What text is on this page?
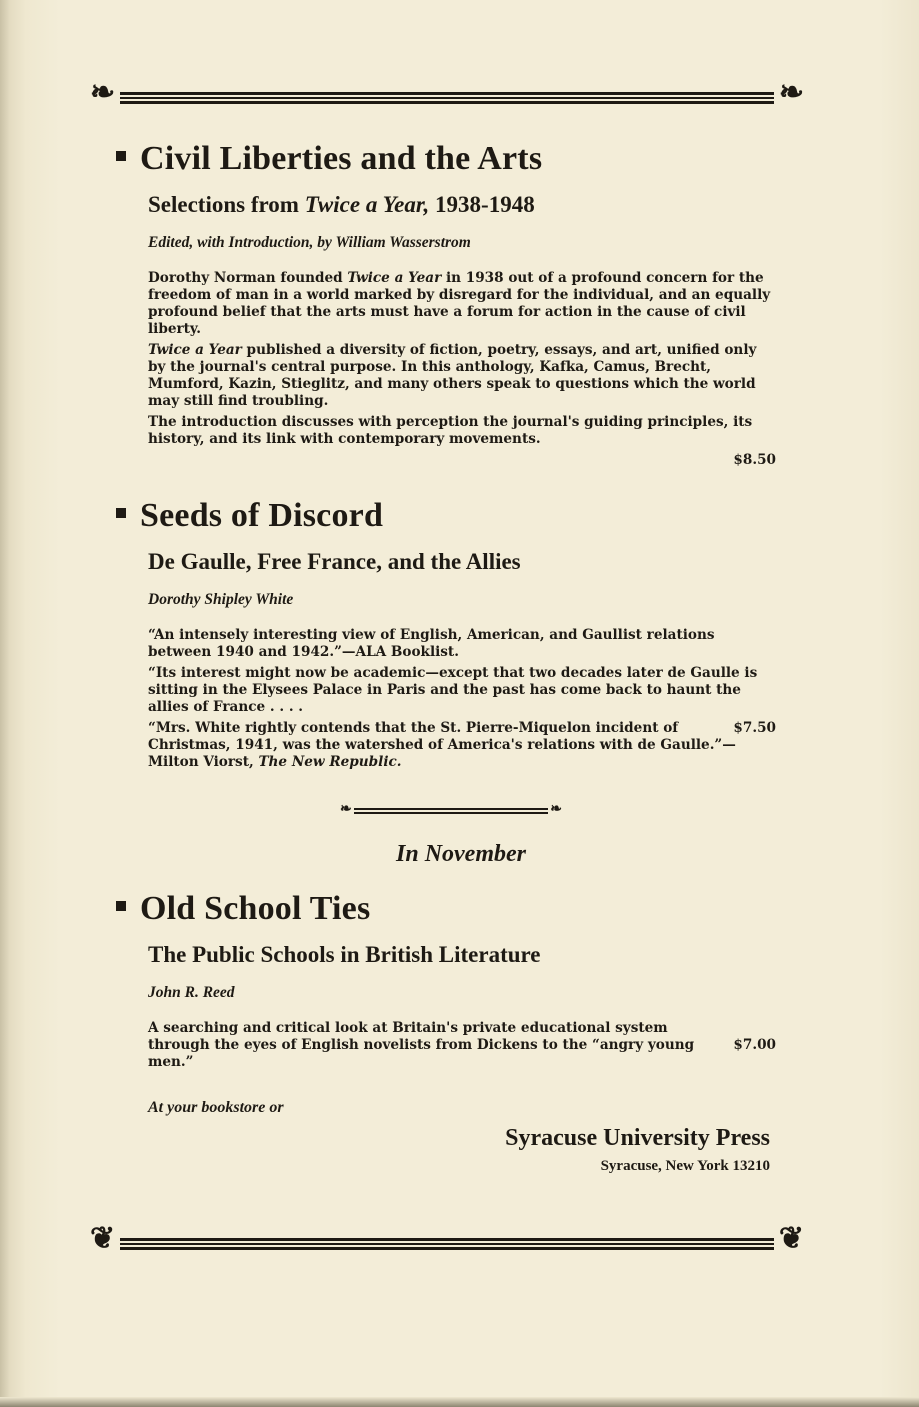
❧	❧
Civil Liberties and the Arts
Selections from Twice a Year, 1938-1948
Edited, with Introduction, by William Wasserstrom

Dorothy Norman founded Twice a Year in 1938 out of a profound concern for the freedom of man in a world marked by disregard for the individual, and an equally profound belief that the arts must have a forum for action in the cause of civil liberty.

Twice a Year published a diversity of fiction, poetry, essays, and art, unified only by the journal's central purpose. In this anthology, Kafka, Camus, Brecht, Mumford, Kazin, Stieglitz, and many others speak to questions which the world may still find troubling.

The introduction discusses with perception the journal's guiding principles, its history, and its link with contemporary movements.

$8.50
Seeds of Discord
De Gaulle, Free France, and the Allies
Dorothy Shipley White

“An intensely interesting view of English, American, and Gaullist relations between 1940 and 1942.”—ALA Booklist.

“Its interest might now be academic—except that two decades later de Gaulle is sitting in the Elysees Palace in Paris and the past has come back to haunt the allies of France . . . .

$7.50
“Mrs. White rightly contends that the St. Pierre-Miquelon incident of Christmas, 1941, was the watershed of America's relations with de Gaulle.”—Milton Viorst, The New Republic.

❧	❧
In November
Old School Ties
The Public Schools in British Literature
John R. Reed

$7.00
A searching and critical look at Britain's private educational system through the eyes of English novelists from Dickens to the “angry young men.”

At your bookstore or
Syracuse University Press
Syracuse, New York 13210
❦	❦
